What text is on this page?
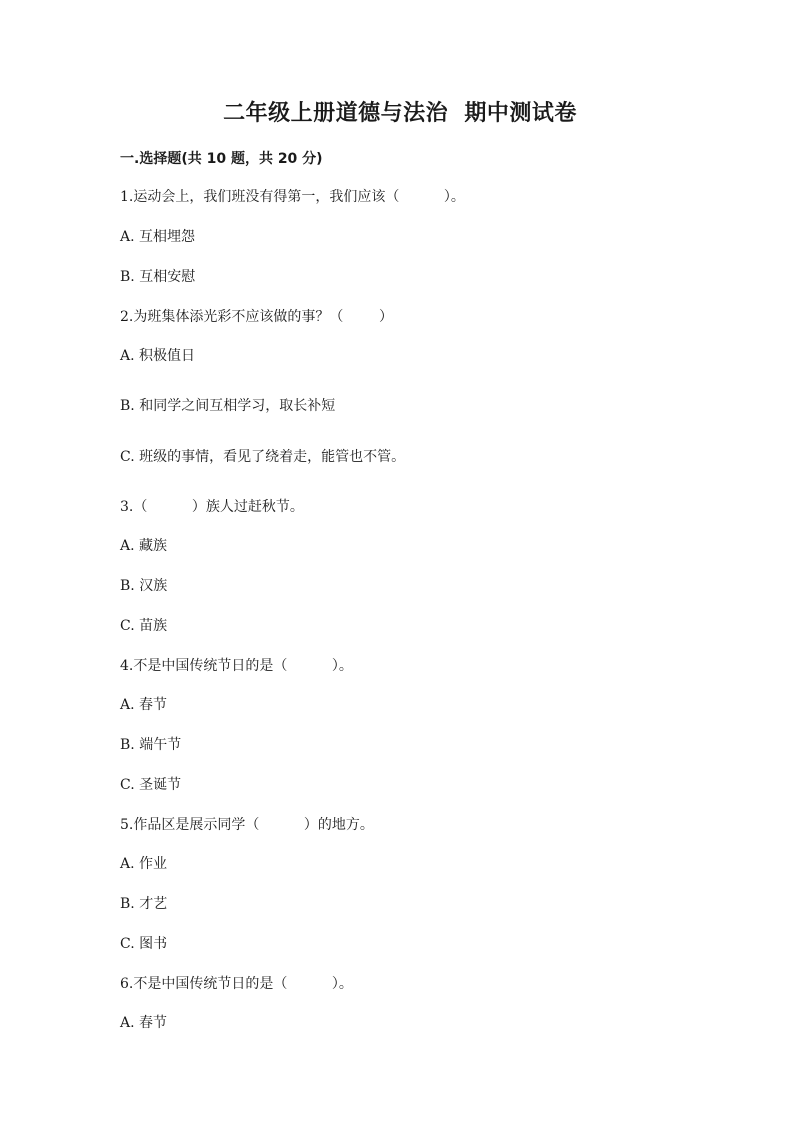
二年级上册道德与法治  期中测试卷
一.选择题(共 10 题，共 20 分)
1.运动会上，我们班没有得第一，我们应该（          ）。
A. 互相埋怨
B. 互相安慰
2.为班集体添光彩不应该做的事？（        ）
A. 积极值日
B. 和同学之间互相学习，取长补短
C. 班级的事情，看见了绕着走，能管也不管。
3.（          ）族人过赶秋节。
A. 藏族
B. 汉族
C. 苗族
4.不是中国传统节日的是（          ）。
A. 春节
B. 端午节
C. 圣诞节
5.作品区是展示同学（          ）的地方。
A. 作业
B. 才艺
C. 图书
6.不是中国传统节日的是（          ）。
A. 春节
